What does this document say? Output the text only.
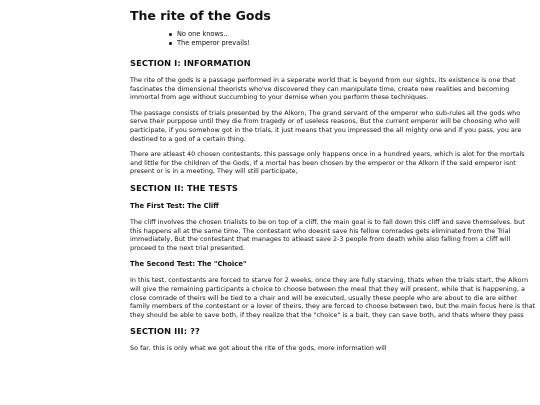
The rite of the Gods
No one knows..
The emperor prevails!
SECTION I: INFORMATION

The rite of the gods is a passage performed in a seperate world that is beyond from our sights, its existence is one that fascinates the dimensional theorists who've discovered they can manipulate time, create new realities and becoming immortal from age without succumbing to your demise when you perform these techniques.

The passage consists of trials presented by the Alkorn, The grand servant of the emperor who sub-rules all the gods who serve their purppose until they die from tragedy or of useless reasons, But the current emperor will be choosing who will participate, if you somehow got in the trials, it just means that you impressed the all mighty one and if you pass, you are destined to a god of a certain thing.

There are atleast 40 chosen contestants, this passage only happens once in a hundred years, which is alot for the mortals and little for the children of the Gods, If a mortal has been chosen by the emperor or the Alkorn if the said emperor isnt present or is in a meeting, They will still participate,

SECTION II: THE TESTS
The First Test: The Cliff

The cliff involves the chosen trialists to be on top of a cliff, the main goal is to fall down this cliff and save themselves. but this happens all at the same time, The contestant who doesnt save his fellow comrades gets eliminated from the Trial immediately, But the contestant that manages to atleast save 2-3 people from death while also falling from a cliff will proceed to the next trial presented.

The Second Test: The "Choice"

In this test, contestants are forced to starve for 2 weeks, once they are fully starving, thats when the trials start, the Alkorn will give the remaining participants a choice to choose between the meal that they will present, while that is happening, a close comrade of theirs will be tied to a chair and will be executed, usually these people who are about to die are either family members of the contestant or a lover of theirs, they are forced to choose between two, but the main focus here is that they should be able to save both, if they realize that the "choice" is a bait, they can save both, and thats where they pass

SECTION III: ??

So far, this is only what we got about the rite of the gods, more information will
